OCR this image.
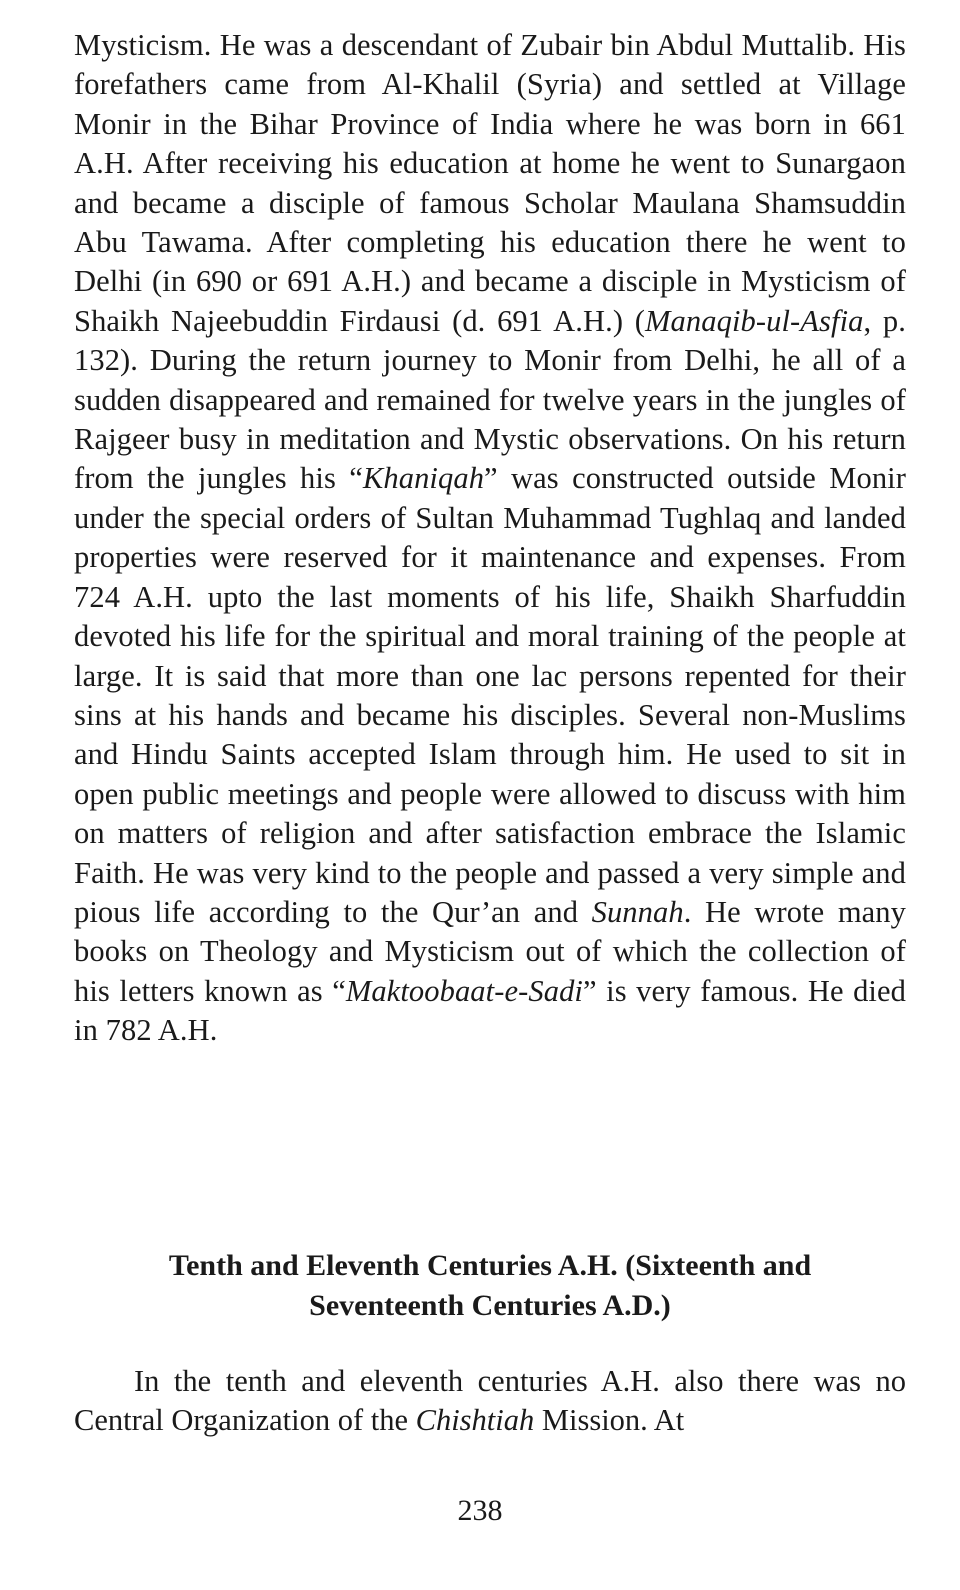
Mysticism. He was a descendant of Zubair bin Abdul Muttalib. His forefathers came from Al-Khalil (Syria) and settled at Village Monir in the Bihar Province of India where he was born in 661 A.H. After receiving his education at home he went to Sunargaon and became a disciple of famous Scholar Maulana Shamsuddin Abu Tawama. After completing his education there he went to Delhi (in 690 or 691 A.H.) and became a disciple in Mysticism of Shaikh Najeebuddin Firdausi (d. 691 A.H.) (Manaqib-ul-Asfia, p. 132). During the return journey to Monir from Delhi, he all of a sudden disappeared and remained for twelve years in the jungles of Rajgeer busy in meditation and Mystic observations. On his return from the jungles his “Khaniqah” was constructed outside Monir under the special orders of Sultan Muhammad Tughlaq and landed properties were reserved for it maintenance and expenses. From 724 A.H. upto the last moments of his life, Shaikh Sharfuddin devoted his life for the spiritual and moral training of the people at large. It is said that more than one lac persons repented for their sins at his hands and became his disciples. Several non-Muslims and Hindu Saints accepted Islam through him. He used to sit in open public meetings and people were allowed to discuss with him on matters of religion and after satisfaction embrace the Islamic Faith. He was very kind to the people and passed a very simple and pious life according to the Qur’an and Sunnah. He wrote many books on Theology and Mysticism out of which the collection of his letters known as “Maktoobaat-e-Sadi” is very famous. He died in 782 A.H.

Tenth and Eleventh Centuries A.H. (Sixteenth and
Seventeenth Centuries A.D.)

In the tenth and eleventh centuries A.H. also there was no Central Organization of the Chishtiah Mission. At

238
